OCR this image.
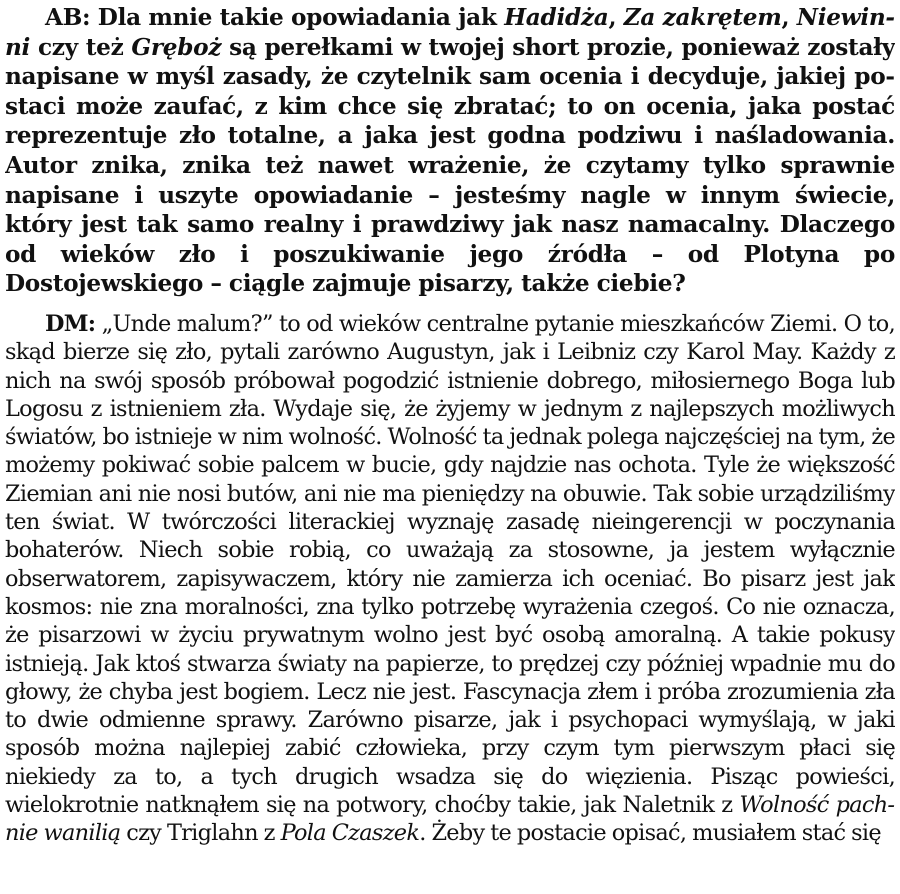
AB: Dla mnie takie opowiadania jak Hadidża, Za zakrętem, Niewinni czy też Gręboż są perełkami w twojej short prozie, ponieważ zostały napisane w myśl zasady, że czytelnik sam ocenia i decyduje, jakiej postaci może zaufać, z kim chce się zbratać; to on ocenia, jaka postać reprezentuje zło totalne, a jaka jest godna podziwu i naśladowania. Autor znika, znika też nawet wrażenie, że czytamy tylko sprawnie napisane i uszyte opowiadanie – jesteśmy nagle w innym świecie, który jest tak samo realny i prawdziwy jak nasz namacalny. Dlaczego od wieków zło i poszukiwanie jego źródła – od Plotyna po Dostojewskiego – ciągle zajmuje pisarzy, także ciebie?

DM: „Unde malum?” to od wieków centralne pytanie mieszkańców Ziemi. O to, skąd bierze się zło, pytali zarówno Augustyn, jak i Leibniz czy Karol May. Każdy z nich na swój sposób próbował pogodzić istnienie dobrego, miłosiernego Boga lub Logosu z istnieniem zła. Wydaje się, że żyjemy w jednym z najlepszych możliwych światów, bo istnieje w nim wolność. Wolność ta jednak polega najczęściej na tym, że możemy pokiwać sobie palcem w bucie, gdy najdzie nas ochota. Tyle że większość Ziemian ani nie nosi butów, ani nie ma pieniędzy na obuwie. Tak sobie urządziliśmy ten świat. W twórczości literackiej wyznaję zasadę nieingerencji w poczynania bohaterów. Niech sobie robią, co uważają za stosowne, ja jestem wyłącznie obserwatorem, zapisywaczem, który nie zamierza ich oceniać. Bo pisarz jest jak kosmos: nie zna moralności, zna tylko potrzebę wyrażenia czegoś. Co nie oznacza, że pisarzowi w życiu prywatnym wolno jest być osobą amoralną. A takie pokusy istnieją. Jak ktoś stwarza światy na papierze, to prędzej czy później wpadnie mu do głowy, że chyba jest bogiem. Lecz nie jest. Fascynacja złem i próba zrozumienia zła to dwie odmienne sprawy. Zarówno pisarze, jak i psychopaci wymyślają, w jaki sposób można najlepiej zabić człowieka, przy czym tym pierwszym płaci się niekiedy za to, a tych drugich wsadza się do więzienia. Pisząc powieści, wielokrotnie natknąłem się na potwory, choćby takie, jak Naletnik z Wolność pachnie wanilią czy Triglahn z Pola Czaszek. Żeby te postacie opisać, musiałem stać się
